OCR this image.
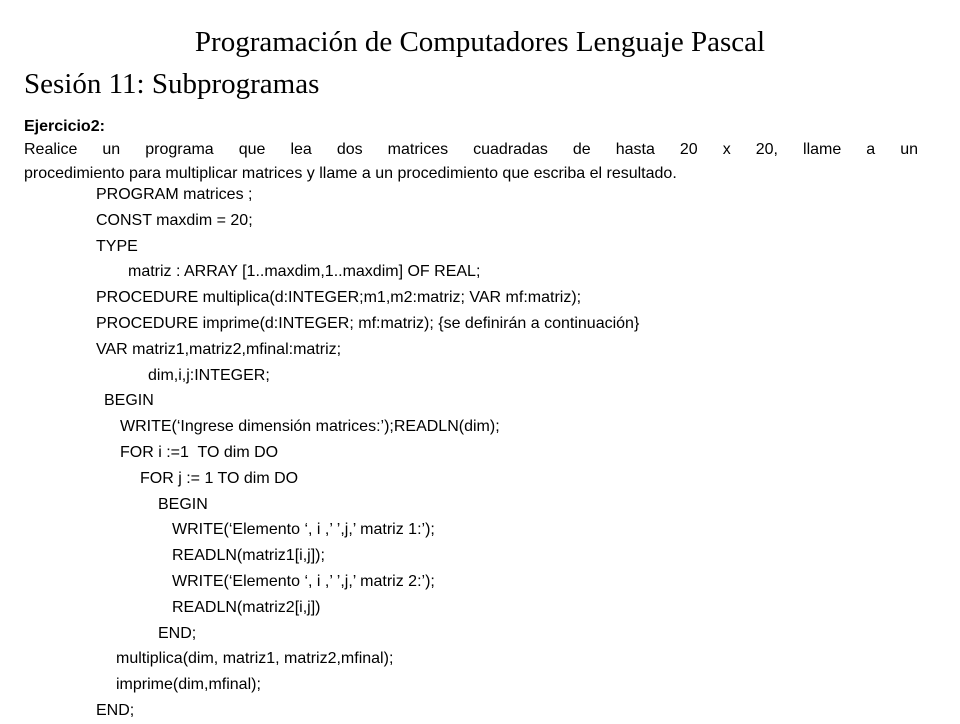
Programación de Computadores Lenguaje Pascal
Sesión 11: Subprogramas
Ejercicio2:
Realice un programa que lea dos matrices cuadradas de hasta 20 x 20, llame a un
procedimiento para multiplicar matrices y llame a un procedimiento que escriba el resultado.
PROGRAM matrices ;
CONST maxdim = 20;
TYPE
matriz : ARRAY [1..maxdim,1..maxdim] OF REAL;
PROCEDURE multiplica(d:INTEGER;m1,m2:matriz; VAR mf:matriz);
PROCEDURE imprime(d:INTEGER; mf:matriz); {se definirán a continuación}
VAR matriz1,matriz2,mfinal:matriz;
dim,i,j:INTEGER;
BEGIN
WRITE(‘Ingrese dimensión matrices:’);READLN(dim);
FOR i :=1  TO dim DO
FOR j := 1 TO dim DO
BEGIN
WRITE(‘Elemento ‘, i ,’ ’,j,’ matriz 1:’);
READLN(matriz1[i,j]);
WRITE(‘Elemento ‘, i ,’ ’,j,’ matriz 2:’);
READLN(matriz2[i,j])
END;
multiplica(dim, matriz1, matriz2,mfinal);
imprime(dim,mfinal);
END;
